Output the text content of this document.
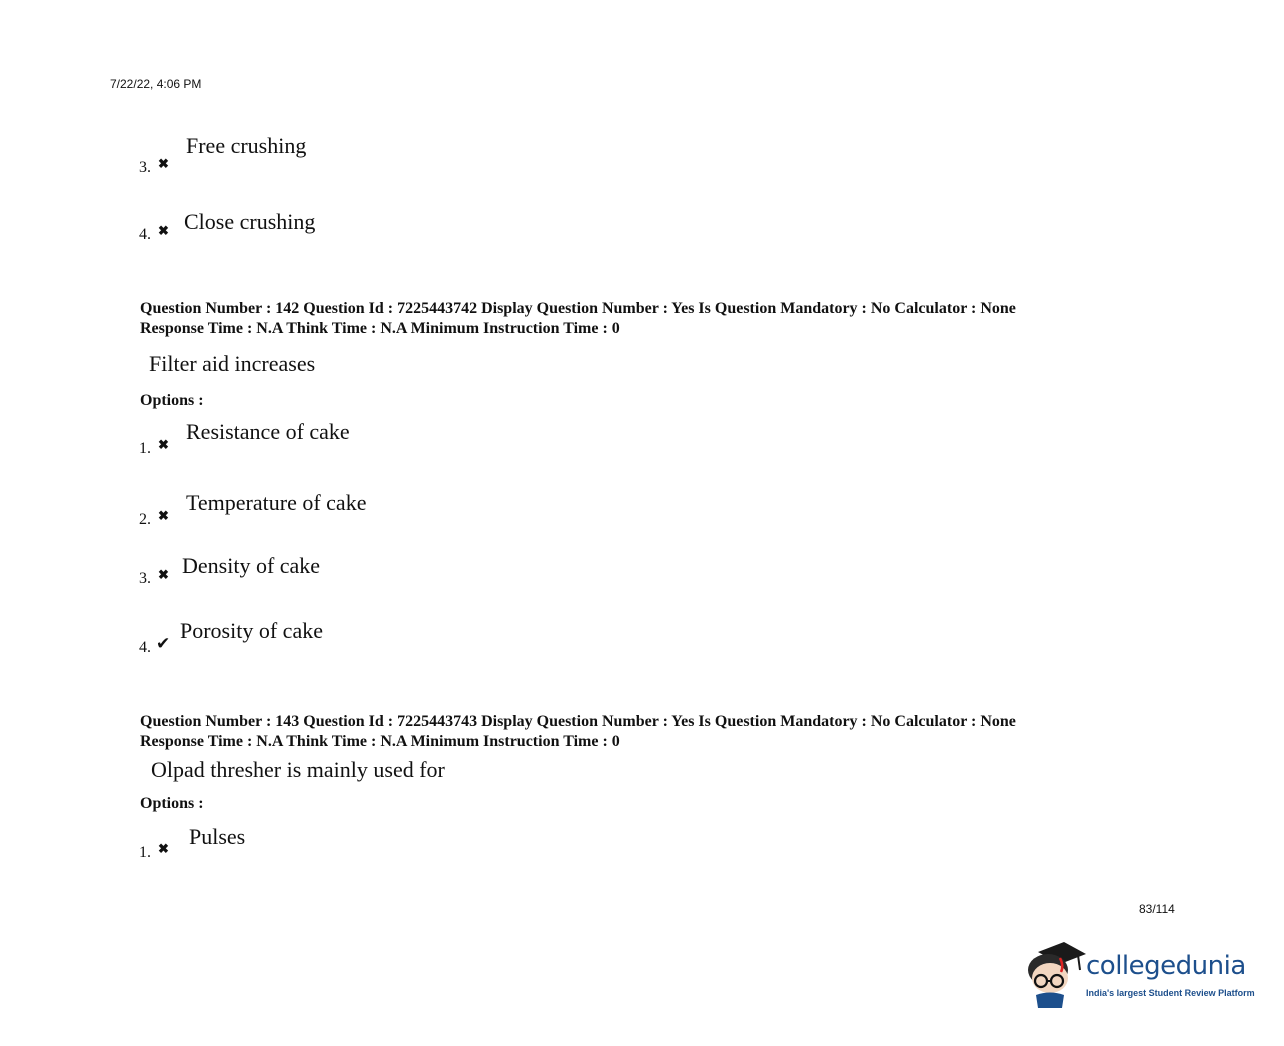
7/22/22, 4:06 PM
3. ✖
Free crushing
4. ✖ Close crushing
Question Number : 142 Question Id : 7225443742 Display Question Number : Yes Is Question Mandatory : No Calculator : None
Response Time : N.A Think Time : N.A Minimum Instruction Time : 0
Filter aid increases
Options :
1. ✖
Resistance of cake
2. ✖
Temperature of cake
3. ✖ Density of cake
4. ✔
Porosity of cake
Question Number : 143 Question Id : 7225443743 Display Question Number : Yes Is Question Mandatory : No Calculator : None
Response Time : N.A Think Time : N.A Minimum Instruction Time : 0
Olpad thresher is mainly used for
Options :
1. ✖ Pulses
83/114
collegedunia
India's largest Student Review Platform
